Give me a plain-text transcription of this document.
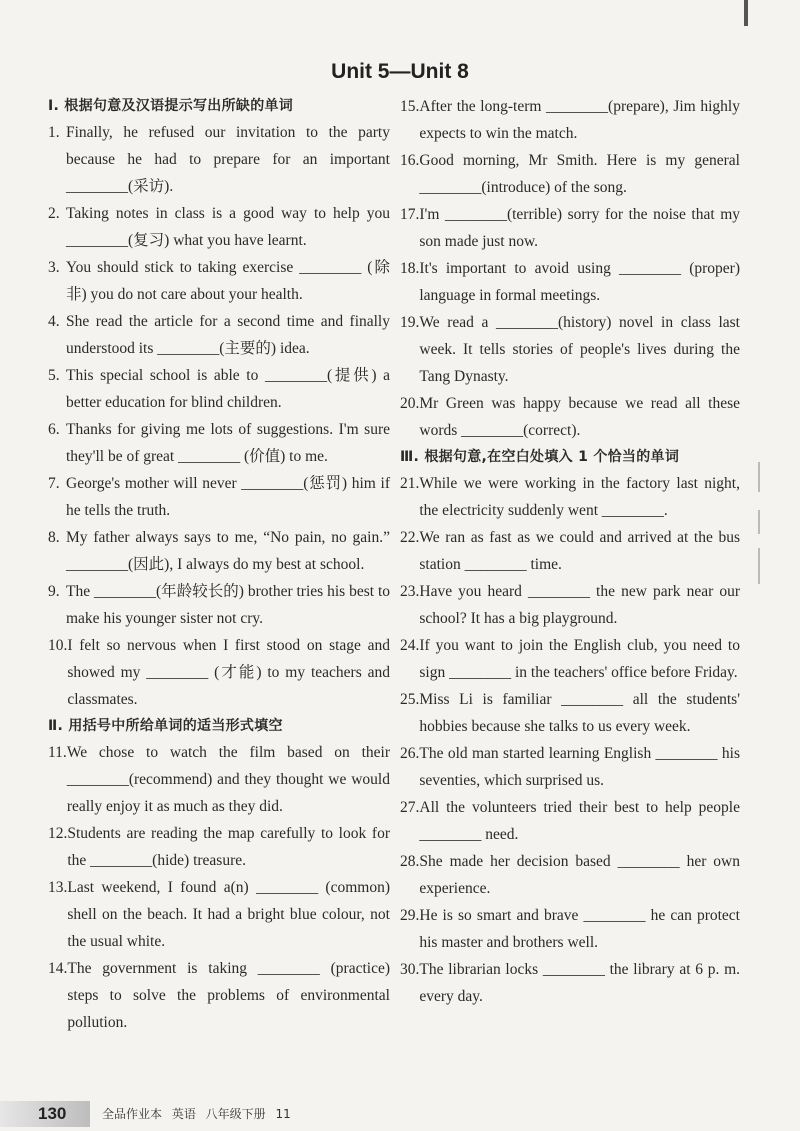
Unit 5—Unit 8
Ⅰ. 根据句意及汉语提示写出所缺的单词
1. Finally, he refused our invitation to the party because he had to prepare for an important ________(采访).
2. Taking notes in class is a good way to help you ________(复习) what you have learnt.
3. You should stick to taking exercise ________ (除非) you do not care about your health.
4. She read the article for a second time and finally understood its ________(主要的) idea.
5. This special school is able to ________(提供) a better education for blind children.
6. Thanks for giving me lots of suggestions. I'm sure they'll be of great ________ (价值) to me.
7. George's mother will never ________(惩罚) him if he tells the truth.
8. My father always says to me, “No pain, no gain.” ________(因此), I always do my best at school.
9. The ________(年龄较长的) brother tries his best to make his younger sister not cry.
10. I felt so nervous when I first stood on stage and showed my ________ (才能) to my teachers and classmates.
Ⅱ. 用括号中所给单词的适当形式填空
11. We chose to watch the film based on their ________(recommend) and they thought we would really enjoy it as much as they did.
12. Students are reading the map carefully to look for the ________(hide) treasure.
13. Last weekend, I found a(n) ________ (common) shell on the beach. It had a bright blue colour, not the usual white.
14. The government is taking ________ (practice) steps to solve the problems of environmental pollution.
15. After the long-term ________(prepare), Jim highly expects to win the match.
16. Good morning, Mr Smith. Here is my general ________(introduce) of the song.
17. I'm ________(terrible) sorry for the noise that my son made just now.
18. It's important to avoid using ________ (proper) language in formal meetings.
19. We read a ________(history) novel in class last week. It tells stories of people's lives during the Tang Dynasty.
20. Mr Green was happy because we read all these words ________(correct).
Ⅲ. 根据句意,在空白处填入 1 个恰当的单词
21. While we were working in the factory last night, the electricity suddenly went ________.
22. We ran as fast as we could and arrived at the bus station ________ time.
23. Have you heard ________ the new park near our school? It has a big playground.
24. If you want to join the English club, you need to sign ________ in the teachers' office before Friday.
25. Miss Li is familiar ________ all the students' hobbies because she talks to us every week.
26. The old man started learning English ________ his seventies, which surprised us.
27. All the volunteers tried their best to help people ________ need.
28. She made her decision based ________ her own experience.
29. He is so smart and brave ________ he can protect his master and brothers well.
30. The librarian locks ________ the library at 6 p. m. every day.
130	全品作业本 英语 八年级下册 11
